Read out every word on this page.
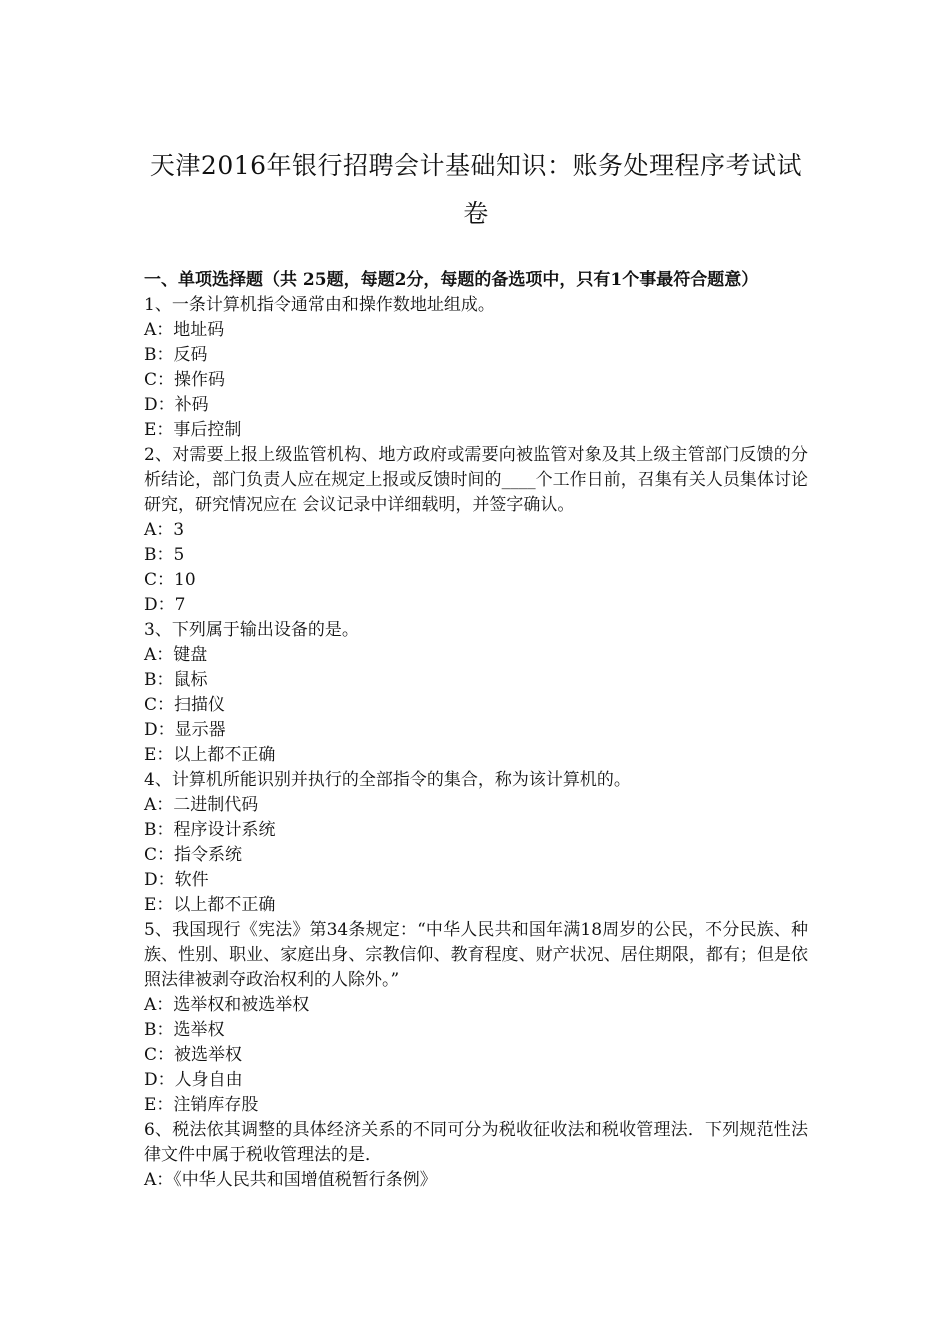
天津2016年银行招聘会计基础知识：账务处理程序考试试卷
一、单项选择题（共 25题，每题2分，每题的备选项中，只有1个事最符合题意）

1、一条计算机指令通常由和操作数地址组成。

A：地址码
B：反码
C：操作码
D：补码
E：事后控制

2、对需要上报上级监管机构、地方政府或需要向被监管对象及其上级主管部门反馈的分析结论，部门负责人应在规定上报或反馈时间的____个工作日前，召集有关人员集体讨论研究，研究情况应在 会议记录中详细载明，并签字确认。

A：3
B：5
C：10
D：7

3、下列属于输出设备的是。

A：键盘
B：鼠标
C：扫描仪
D：显示器
E：以上都不正确

4、计算机所能识别并执行的全部指令的集合，称为该计算机的。

A：二进制代码
B：程序设计系统
C：指令系统
D：软件
E：以上都不正确

5、我国现行《宪法》第34条规定：“中华人民共和国年满18周岁的公民，不分民族、种族、性别、职业、家庭出身、宗教信仰、教育程度、财产状况、居住期限，都有；但是依照法律被剥夺政治权利的人除外。”

A：选举权和被选举权
B：选举权
C：被选举权
D：人身自由
E：注销库存股

6、税法依其调整的具体经济关系的不同可分为税收征收法和税收管理法．下列规范性法律文件中属于税收管理法的是．

A：《中华人民共和国增值税暂行条例》
